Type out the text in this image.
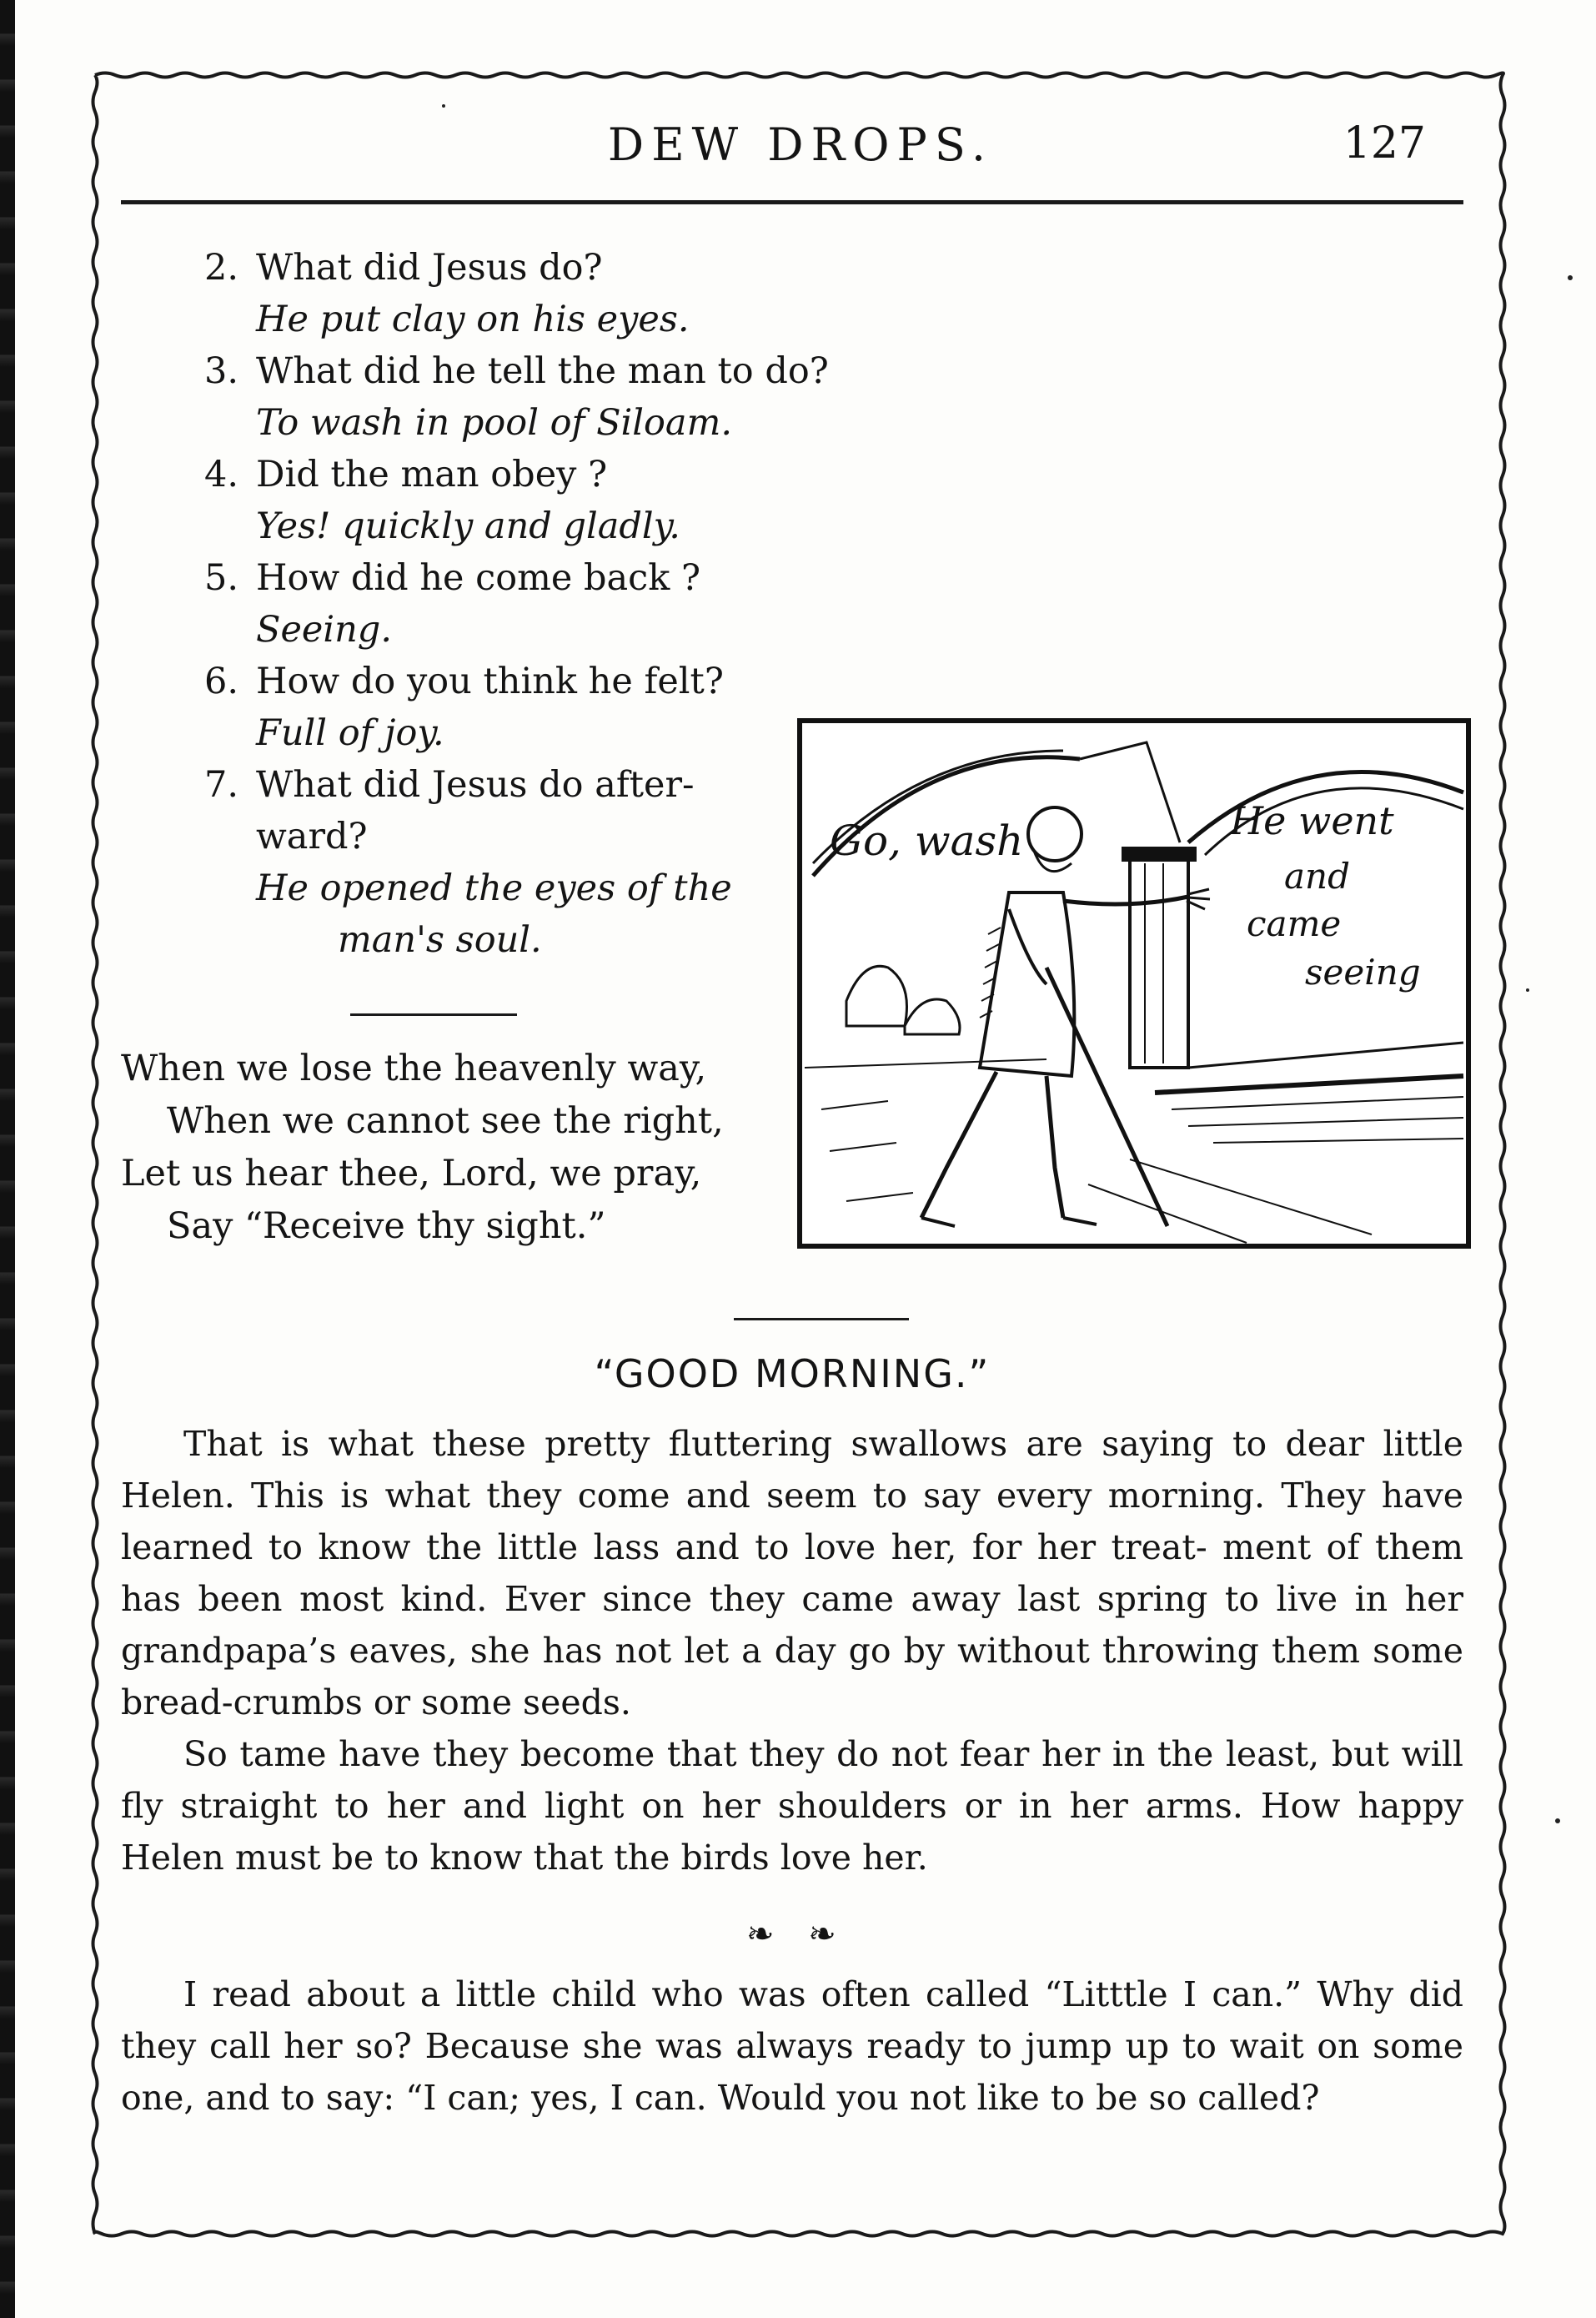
DEW DROPS.	127
2. What did Jesus do?
He put clay on his eyes.
3. What did he tell the man to do?
To wash in pool of Siloam.
4. Did the man obey ?
Yes! quickly and gladly.
5. How did he come back ?
Seeing.
6. How do you think he felt?
Full of joy.
7. What did Jesus do after-
ward?
He opened the eyes of the
man's soul.
When we lose the heavenly way,
When we cannot see the right,
Let us hear thee, Lord, we pray,
Say “Receive thy sight.”
Go, wash	He went
and
came
seeing
“GOOD MORNING.”

That is what these pretty fluttering swallows are saying to dear little Helen. This is what they come and seem to say every morning. They have learned to know the little lass and to love her, for her treat- ment of them has been most kind. Ever since they came away last spring to live in her grandpapa’s eaves, she has not let a day go by without throwing them some bread-crumbs or some seeds.

So tame have they become that they do not fear her in the least, but will fly straight to her and light on her shoulders or in her arms. How happy Helen must be to know that the birds love her.

❧ ❧

I read about a little child who was often called “Litttle I can.” Why did they call her so? Because she was always ready to jump up to wait on some one, and to say: “I can; yes, I can. Would you not like to be so called?
